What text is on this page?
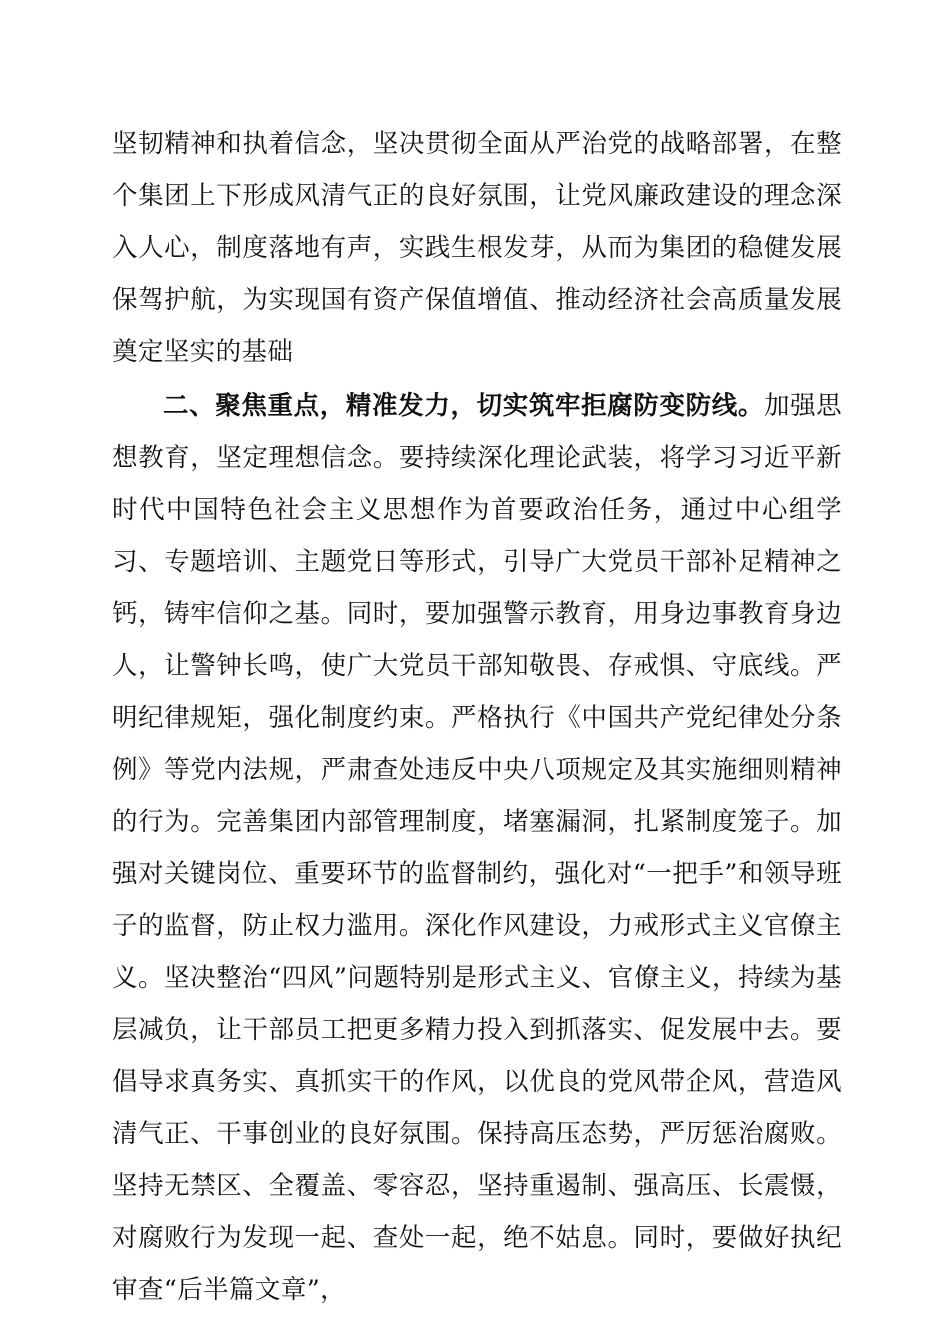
坚韧精神和执着信念，坚决贯彻全面从严治党的战略部署，在整个集团上下形成风清气正的良好氛围，让党风廉政建设的理念深入人心，制度落地有声，实践生根发芽，从而为集团的稳健发展保驾护航，为实现国有资产保值增值、推动经济社会高质量发展奠定坚实的基础

二、聚焦重点，精准发力，切实筑牢拒腐防变防线。加强思想教育，坚定理想信念。要持续深化理论武装，将学习习近平新时代中国特色社会主义思想作为首要政治任务，通过中心组学习、专题培训、主题党日等形式，引导广大党员干部补足精神之钙，铸牢信仰之基。同时，要加强警示教育，用身边事教育身边人，让警钟长鸣，使广大党员干部知敬畏、存戒惧、守底线。严明纪律规矩，强化制度约束。严格执行《中国共产党纪律处分条例》等党内法规，严肃查处违反中央八项规定及其实施细则精神的行为。完善集团内部管理制度，堵塞漏洞，扎紧制度笼子。加强对关键岗位、重要环节的监督制约，强化对“一把手”和领导班子的监督，防止权力滥用。深化作风建设，力戒形式主义官僚主义。坚决整治“四风”问题特别是形式主义、官僚主义，持续为基层减负，让干部员工把更多精力投入到抓落实、促发展中去。要倡导求真务实、真抓实干的作风，以优良的党风带企风，营造风清气正、干事创业的良好氛围。保持高压态势，严厉惩治腐败。坚持无禁区、全覆盖、零容忍，坚持重遏制、强高压、长震慑，对腐败行为发现一起、查处一起，绝不姑息。同时，要做好执纪审查“后半篇文章”，
